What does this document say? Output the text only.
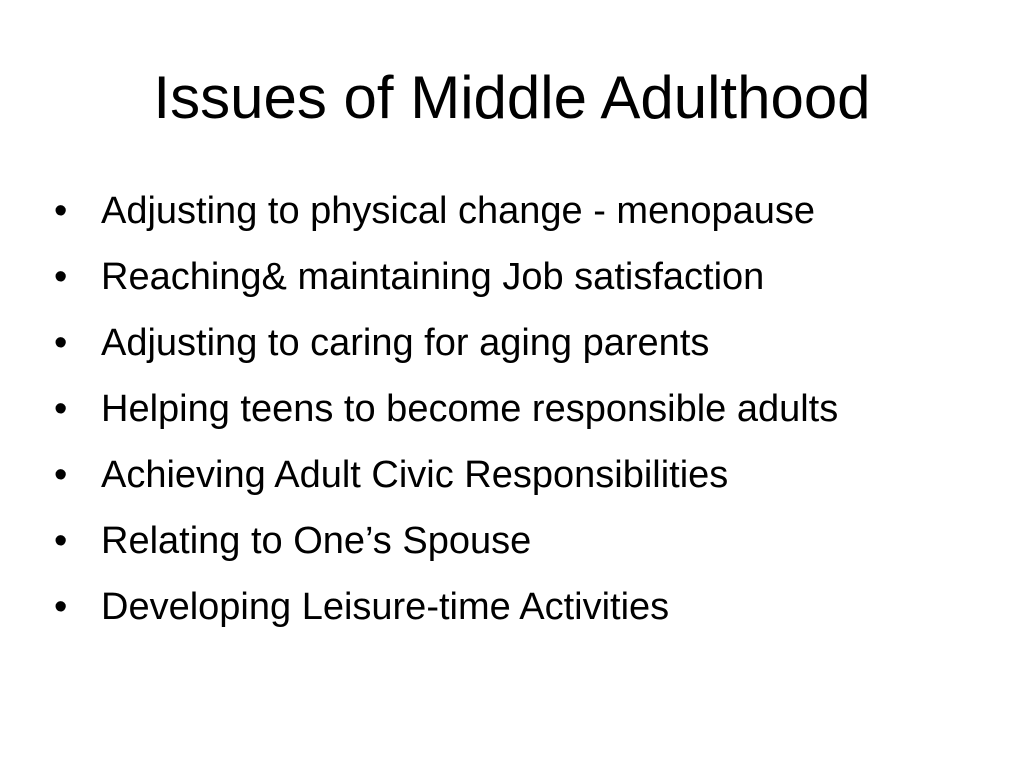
Issues of Middle Adulthood
• Adjusting to physical change - menopause
• Reaching& maintaining Job satisfaction
• Adjusting to caring for aging parents
• Helping teens to become responsible adults
• Achieving Adult Civic Responsibilities
• Relating to One’s Spouse
• Developing Leisure-time Activities
